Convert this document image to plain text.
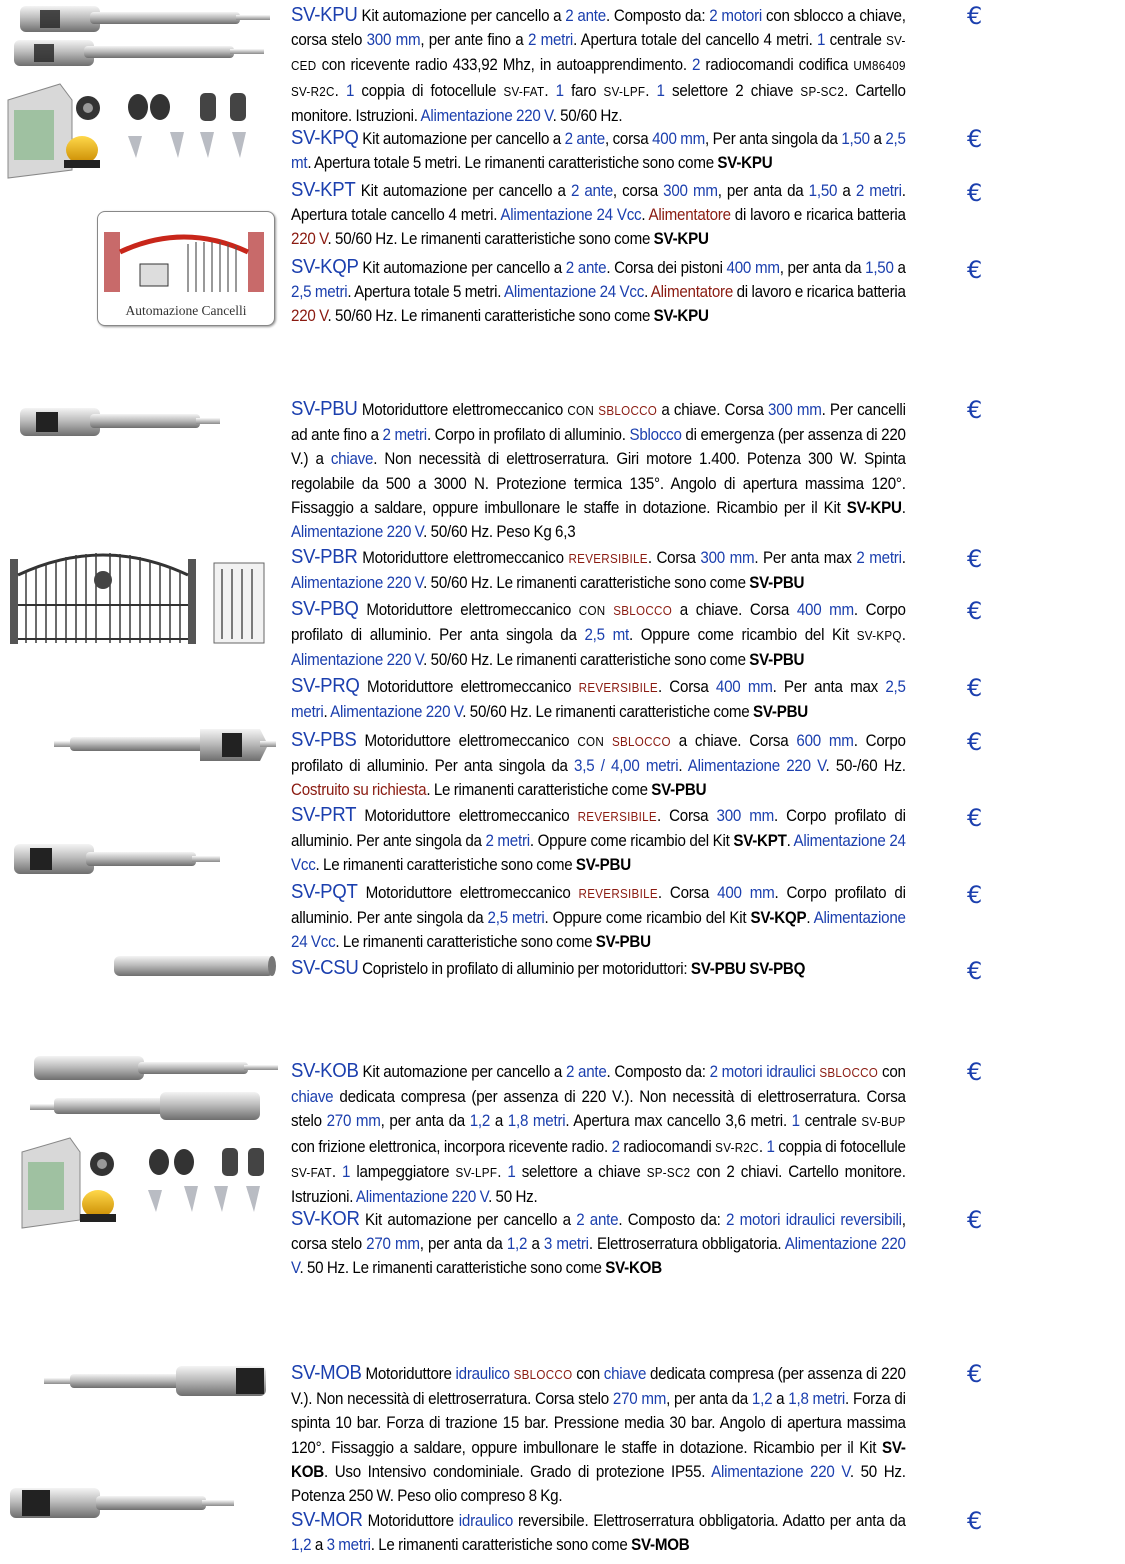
Automazione Cancelli
SV-KPU Kit automazione per cancello a 2 ante. Composto da: 2 motori con sblocco a chiave, corsa stelo 300 mm, per ante fino a 2 metri. Apertura totale del cancello 4 metri. 1 centrale SV-CED con ricevente radio 433,92 Mhz, in autoapprendimento. 2 radiocomandi codifica UM86409 SV-R2C. 1 coppia di fotocellule SV-FAT. 1 faro SV-LPF. 1 selettore 2 chiave SP-SC2. Cartello monitore. Istruzioni. Alimentazione 220 V. 50/60 Hz.
SV-KPQ Kit automazione per cancello a 2 ante, corsa 400 mm, Per anta singola da 1,50 a 2,5 mt. Apertura totale 5 metri. Le rimanenti caratteristiche sono come SV-KPU
SV-KPT Kit automazione per cancello a 2 ante, corsa 300 mm, per anta da 1,50 a 2 metri. Apertura totale cancello 4 metri. Alimentazione 24 Vcc. Alimentatore di lavoro e ricarica batteria 220 V. 50/60 Hz. Le rimanenti caratteristiche sono come SV-KPU
SV-KQP Kit automazione per cancello a 2 ante. Corsa dei pistoni 400 mm, per anta da 1,50 a 2,5 metri. Apertura totale 5 metri. Alimentazione 24 Vcc. Alimentatore di lavoro e ricarica batteria 220 V. 50/60 Hz. Le rimanenti caratteristiche sono come SV-KPU
SV-PBU Motoriduttore elettromeccanico CON SBLOCCO a chiave. Corsa 300 mm. Per cancelli ad ante fino a 2 metri. Corpo in profilato di alluminio. Sblocco di emergenza (per assenza di 220 V.) a chiave. Non necessità di elettroserratura. Giri motore 1.400. Potenza 300 W. Spinta regolabile da 500 a 3000 N. Protezione termica 135°. Angolo di apertura massima 120°. Fissaggio a saldare, oppure imbullonare le staffe in dotazione. Ricambio per il Kit SV-KPU. Alimentazione 220 V. 50/60 Hz. Peso Kg 6,3
SV-PBR Motoriduttore elettromeccanico REVERSIBILE. Corsa 300 mm. Per anta max 2 metri. Alimentazione 220 V. 50/60 Hz. Le rimanenti caratteristiche sono come SV-PBU
SV-PBQ Motoriduttore elettromeccanico CON SBLOCCO a chiave. Corsa 400 mm. Corpo profilato di alluminio. Per anta singola da 2,5 mt. Oppure come ricambio del Kit SV-KPQ. Alimentazione 220 V. 50/60 Hz. Le rimanenti caratteristiche sono come SV-PBU
SV-PRQ Motoriduttore elettromeccanico REVERSIBILE. Corsa 400 mm. Per anta max 2,5 metri. Alimentazione 220 V. 50/60 Hz. Le rimanenti caratteristiche come SV-PBU
SV-PBS Motoriduttore elettromeccanico CON SBLOCCO a chiave. Corsa 600 mm. Corpo profilato di alluminio. Per anta singola da 3,5 / 4,00 metri. Alimentazione 220 V. 50-/60 Hz. Costruito su richiesta. Le rimanenti caratteristiche come SV-PBU
SV-PRT Motoriduttore elettromeccanico REVERSIBILE. Corsa 300 mm. Corpo profilato di alluminio. Per ante singola da 2 metri. Oppure come ricambio del Kit SV-KPT. Alimentazione 24 Vcc. Le rimanenti caratteristiche sono come SV-PBU
SV-PQT Motoriduttore elettromeccanico REVERSIBILE. Corsa 400 mm. Corpo profilato di alluminio. Per ante singola da 2,5 metri. Oppure come ricambio del Kit SV-KQP. Alimentazione 24 Vcc. Le rimanenti caratteristiche sono come SV-PBU
SV-CSU Copristelo in profilato di alluminio per motoriduttori: SV-PBU SV-PBQ
SV-KOB Kit automazione per cancello a 2 ante. Composto da: 2 motori idraulici SBLOCCO con chiave dedicata compresa (per assenza di 220 V.). Non necessità di elettroserratura. Corsa stelo 270 mm, per anta da 1,2 a 1,8 metri. Apertura max cancello 3,6 metri. 1 centrale SV-BUP con frizione elettronica, incorpora ricevente radio. 2 radiocomandi SV-R2C. 1 coppia di fotocellule SV-FAT. 1 lampeggiatore SV-LPF. 1 selettore a chiave SP-SC2 con 2 chiavi. Cartello monitore. Istruzioni. Alimentazione 220 V. 50 Hz.
SV-KOR Kit automazione per cancello a 2 ante. Composto da: 2 motori idraulici reversibili, corsa stelo 270 mm, per anta da 1,2 a 3 metri. Elettroserratura obbligatoria. Alimentazione 220 V. 50 Hz. Le rimanenti caratteristiche sono come SV-KOB
SV-MOB Motoriduttore idraulico SBLOCCO con chiave dedicata compresa (per assenza di 220 V.). Non necessità di elettroserratura. Corsa stelo 270 mm, per anta da 1,2 a 1,8 metri. Forza di spinta 10 bar. Forza di trazione 15 bar. Pressione media 30 bar. Angolo di apertura massima 120°. Fissaggio a saldare, oppure imbullonare le staffe in dotazione. Ricambio per il Kit SV-KOB. Uso Intensivo condominiale. Grado di protezione IP55. Alimentazione 220 V. 50 Hz. Potenza 250 W. Peso olio compreso 8 Kg.
SV-MOR Motoriduttore idraulico reversibile. Elettroserratura obbligatoria. Adatto per anta da 1,2 a 3 metri. Le rimanenti caratteristiche sono come SV-MOB
€
€
€
€
€
€
€
€
€
€
€
€
€
€
€
€
